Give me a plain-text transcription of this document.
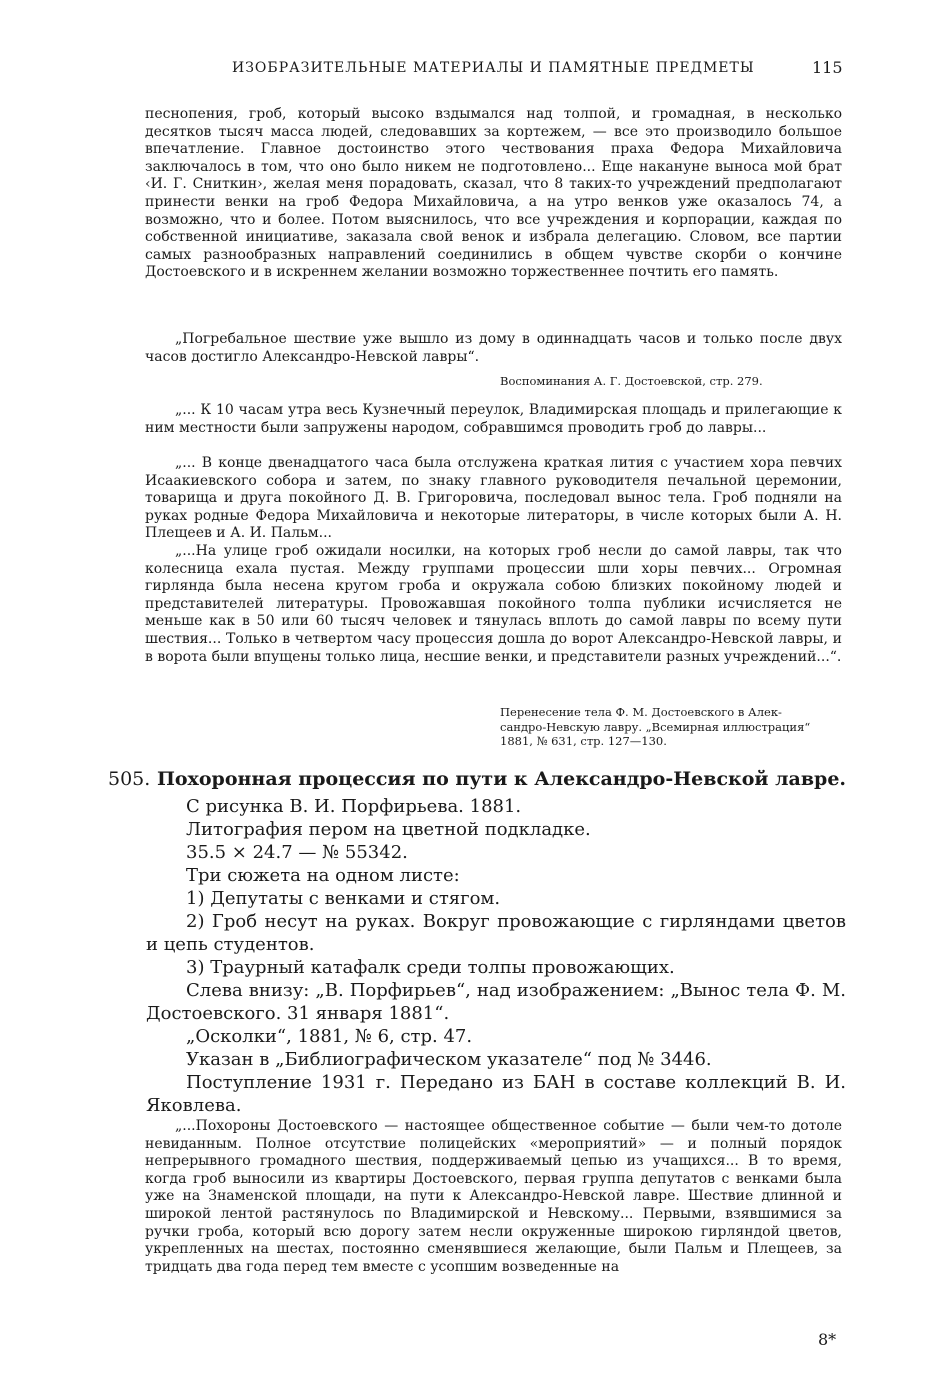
ИЗОБРАЗИТЕЛЬНЫЕ МАТЕРИАЛЫ И ПАМЯТНЫЕ ПРЕДМЕТЫ	115

песнопения, гроб, который высоко вздымался над толпой, и громадная, в несколько десятков тысяч масса людей, следовавших за кортежем, — все это производило большое впечатление. Главное достоинство этого чествования праха Федора Михайловича заключалось в том, что оно было никем не подготовлено... Еще накануне выноса мой брат ‹И. Г. Сниткин›, желая меня порадовать, сказал, что 8 таких-то учреждений предполагают принести венки на гроб Федора Михайловича, а на утро венков уже оказалось 74, а возможно, что и более. Потом выяснилось, что все учреждения и корпорации, каждая по собственной инициативе, заказала свой венок и избрала делегацию. Словом, все партии самых разнообразных направлений соединились в общем чувстве скорби о кончине Достоевского и в искреннем желании возможно торжественнее почтить его память.

„Погребальное шествие уже вышло из дому в одиннадцать часов и только после двух часов достигло Александро-Невской лавры“.

Воспоминания А. Г. Достоевской, стр. 279.

„... К 10 часам утра весь Кузнечный переулок, Владимирская площадь и прилегающие к ним местности были запружены народом, собравшимся проводить гроб до лавры...

„... В конце двенадцатого часа была отслужена краткая лития с участием хора певчих Исаакиевского собора и затем, по знаку главного руководителя печальной церемонии, товарища и друга покойного Д. В. Григоровича, последовал вынос тела. Гроб подняли на руках родные Федора Михайловича и некоторые литераторы, в числе которых были А. Н. Плещеев и А. И. Пальм...

„...На улице гроб ожидали носилки, на которых гроб несли до самой лавры, так что колесница ехала пустая. Между группами процессии шли хоры певчих... Огромная гирлянда была несена кругом гроба и окружала собою близких покойному людей и представителей литературы. Провожавшая покойного толпа публики исчисляется не меньше как в 50 или 60 тысяч человек и тянулась вплоть до самой лавры по всему пути шествия... Только в четвертом часу процессия дошла до ворот Александро-Невской лавры, и в ворота были впущены только лица, несшие венки, и представители разных учреждений...“.

Перенесение тела Ф. М. Достоевского в Алек-
сандро-Невскую лавру. „Всемирная иллюстрация“
1881, № 631, стр. 127—130.
505. Похоронная процессия по пути к Александро-Невской лавре.

С рисунка В. И. Порфирьева. 1881.

Литография пером на цветной подкладке.

35.5 × 24.7 — № 55342.

Три сюжета на одном листе:

1) Депутаты с венками и стягом.

2) Гроб несут на руках. Вокруг провожающие с гирляндами цветов и цепь студентов.

3) Траурный катафалк среди толпы провожающих.

Слева внизу: „В. Порфирьев“, над изображением: „Вынос тела Ф. М. Достоевского. 31 января 1881“.

„Осколки“, 1881, № 6, стр. 47.

Указан в „Библиографическом указателе“ под № 3446.

Поступление 1931 г. Передано из БАН в составе коллекций В. И. Яковлева.

„...Похороны Достоевского — настоящее общественное событие — были чем-то дотоле невиданным. Полное отсутствие полицейских «мероприятий» — и полный порядок непрерывного громадного шествия, поддерживаемый цепью из учащихся... В то время, когда гроб выносили из квартиры Достоевского, первая группа депутатов с венками была уже на Знаменской площади, на пути к Александро-Невской лавре. Шествие длинной и широкой лентой растянулось по Владимирской и Невскому... Первыми, взявшимися за ручки гроба, который всю дорогу затем несли окруженные широкою гирляндой цветов, укрепленных на шестах, постоянно сменявшиеся желающие, были Пальм и Плещеев, за тридцать два года перед тем вместе с усопшим возведенные на

8*
